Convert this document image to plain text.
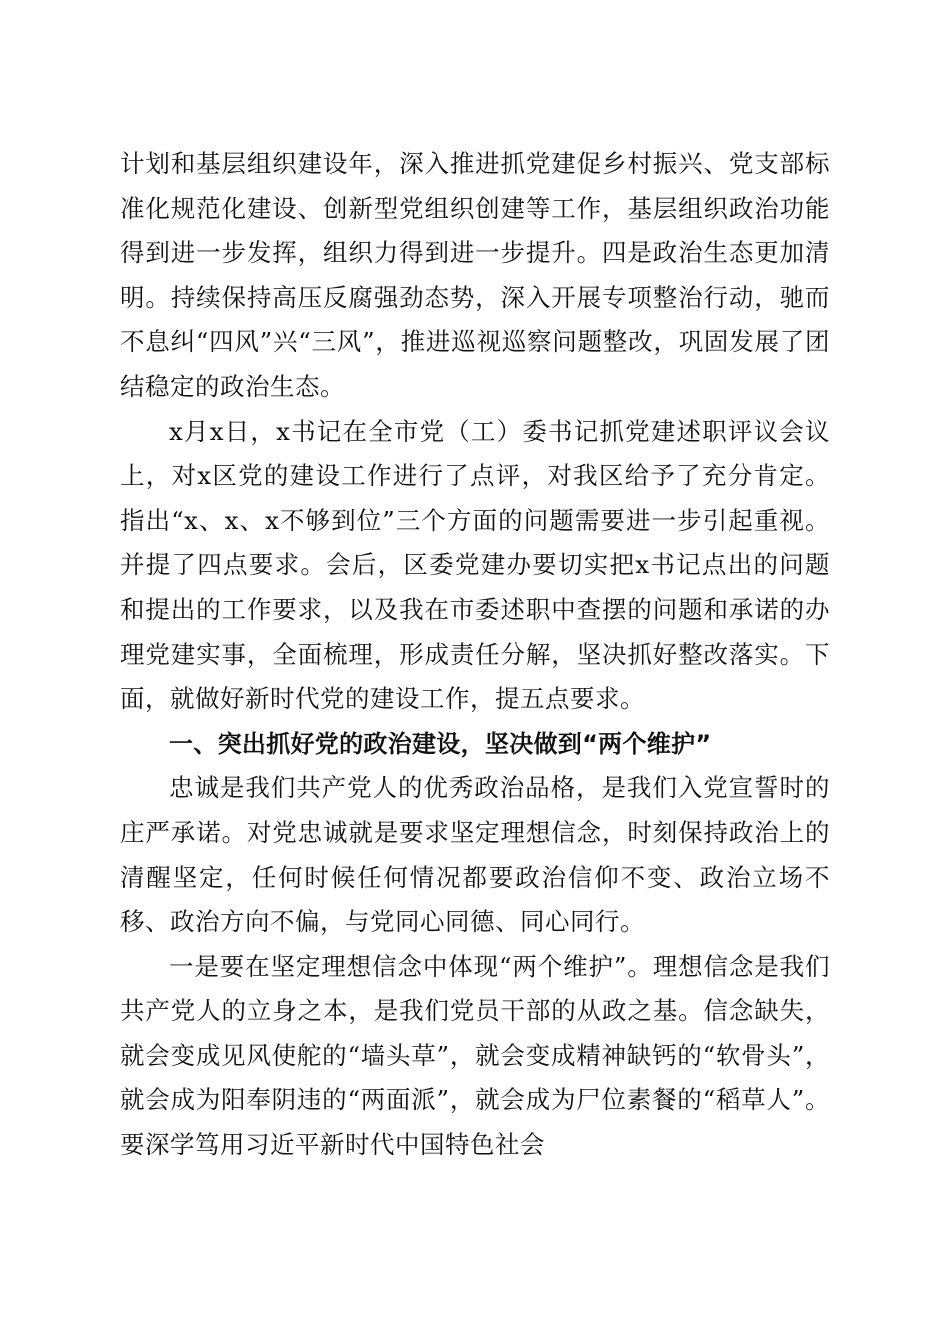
计划和基层组织建设年，深入推进抓党建促乡村振兴、党支部标准化规范化建设、创新型党组织创建等工作，基层组织政治功能得到进一步发挥，组织力得到进一步提升。四是政治生态更加清明。持续保持高压反腐强劲态势，深入开展专项整治行动，驰而不息纠“四风”兴“三风”，推进巡视巡察问题整改，巩固发展了团结稳定的政治生态。

x月x日，x书记在全市党（工）委书记抓党建述职评议会议上，对x区党的建设工作进行了点评，对我区给予了充分肯定。指出“x、x、x不够到位”三个方面的问题需要进一步引起重视。并提了四点要求。会后，区委党建办要切实把x书记点出的问题和提出的工作要求，以及我在市委述职中查摆的问题和承诺的办理党建实事，全面梳理，形成责任分解，坚决抓好整改落实。下面，就做好新时代党的建设工作，提五点要求。

一、突出抓好党的政治建设，坚决做到“两个维护”

忠诚是我们共产党人的优秀政治品格，是我们入党宣誓时的庄严承诺。对党忠诚就是要求坚定理想信念，时刻保持政治上的清醒坚定，任何时候任何情况都要政治信仰不变、政治立场不移、政治方向不偏，与党同心同德、同心同行。

一是要在坚定理想信念中体现“两个维护”。理想信念是我们共产党人的立身之本，是我们党员干部的从政之基。信念缺失，就会变成见风使舵的“墙头草”，就会变成精神缺钙的“软骨头”，就会成为阳奉阴违的“两面派”，就会成为尸位素餐的“稻草人”。要深学笃用习近平新时代中国特色社会
